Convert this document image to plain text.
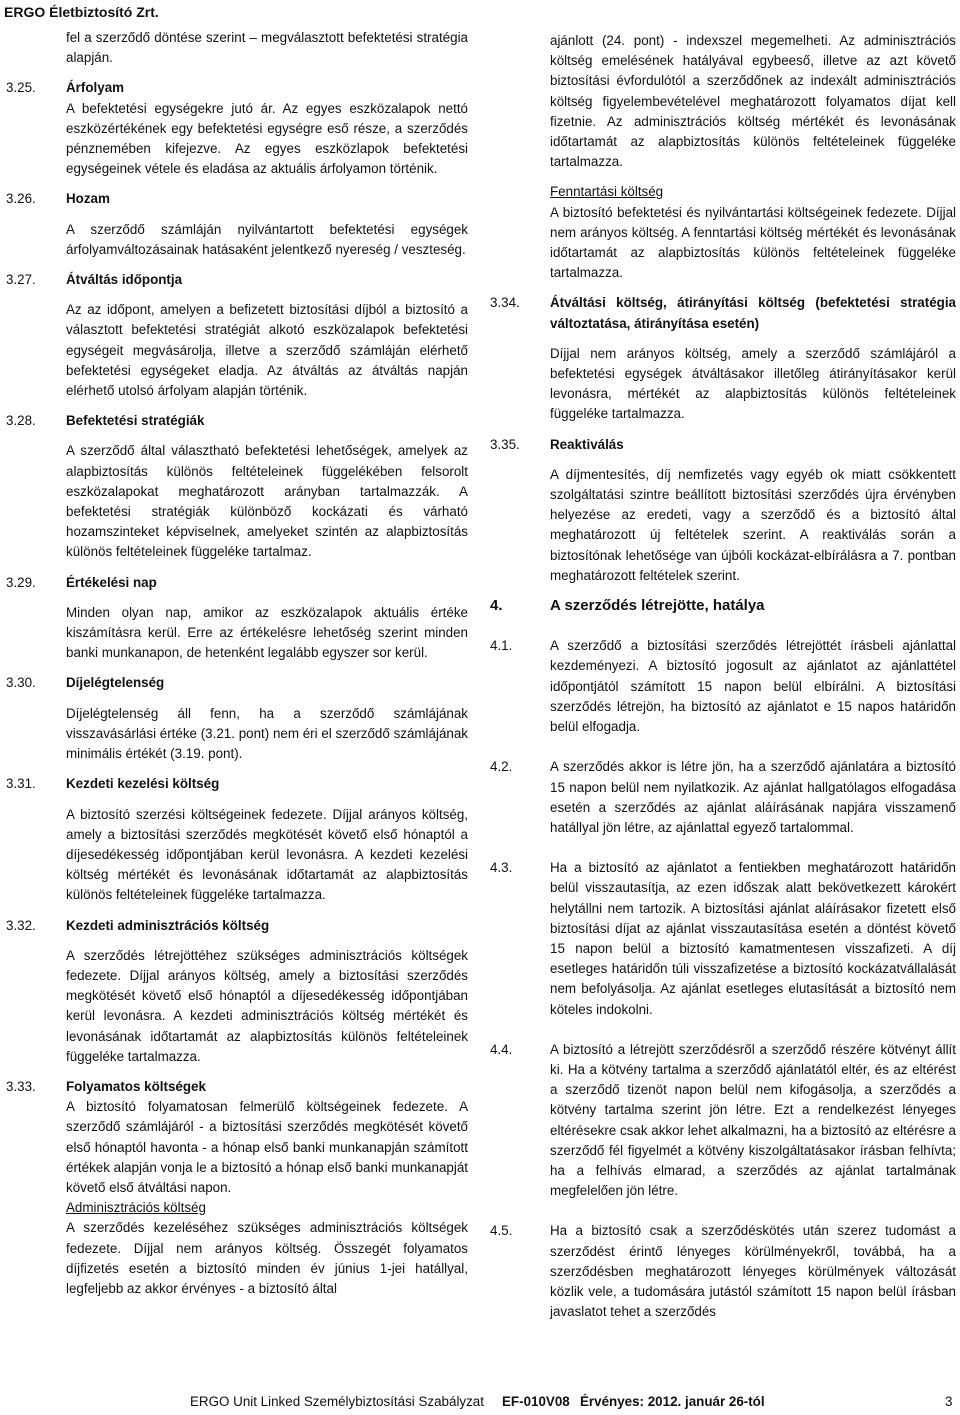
ERGO Életbiztosító Zrt.
fel a szerződő döntése szerint – megválasztott befektetési stratégia alapján.
3.25.	Árfolyam
A befektetési egységekre jutó ár. Az egyes eszközalapok nettó eszközértékének egy befektetési egységre eső része, a szerződés pénznemében kifejezve. Az egyes eszközlapok befektetési egységeinek vétele és eladása az aktuális árfolyamon történik.
3.26.	Hozam
A szerződő számláján nyilvántartott befektetési egységek árfolyamváltozásainak hatásaként jelentkező nyereség / veszteség.
3.27.	Átváltás időpontja
Az az időpont, amelyen a befizetett biztosítási díjból a biztosító a választott befektetési stratégiát alkotó eszközalapok befektetési egységeit megvásárolja, illetve a szerződő számláján elérhető befektetési egységeket eladja. Az átváltás az átváltás napján elérhető utolsó árfolyam alapján történik.
3.28.	Befektetési stratégiák
A szerződő által választható befektetési lehetőségek, amelyek az alapbiztosítás különös feltételeinek függelékében felsorolt eszközalapokat meghatározott arányban tartalmazzák. A befektetési stratégiák különböző kockázati és várható hozamszinteket képviselnek, amelyeket szintén az alapbiztosítás különös feltételeinek függeléke tartalmaz.
3.29.	Értékelési nap
Minden olyan nap, amikor az eszközalapok aktuális értéke kiszámításra kerül. Erre az értékelésre lehetőség szerint minden banki munkanapon, de hetenként legalább egyszer sor kerül.
3.30.	Díjelégtelenség
Díjelégtelenség áll fenn, ha a szerződő számlájának visszavásárlási értéke (3.21. pont) nem éri el szerződő számlájának minimális értékét (3.19. pont).
3.31.	Kezdeti kezelési költség
A biztosító szerzési költségeinek fedezete. Díjjal arányos költség, amely a biztosítási szerződés megkötését követő első hónaptól a díjesedékesség időpontjában kerül levonásra. A kezdeti kezelési költség mértékét és levonásának időtartamát az alapbiztosítás különös feltételeinek függeléke tartalmazza.
3.32.	Kezdeti adminisztrációs költség
A szerződés létrejöttéhez szükséges adminisztrációs költségek fedezete. Díjjal arányos költség, amely a biztosítási szerződés megkötését követő első hónaptól a díjesedékesség időpontjában kerül levonásra. A kezdeti adminisztrációs költség mértékét és levonásának időtartamát az alapbiztosítás különös feltételeinek függeléke tartalmazza.
3.33.	Folyamatos költségek
A biztosító folyamatosan felmerülő költségeinek fedezete. A szerződő számlájáról - a biztosítási szerződés megkötését követő első hónaptól havonta - a hónap első banki munkanapján számított értékek alapján vonja le a biztosító a hónap első banki munkanapját követő első átváltási napon.
Adminisztrációs költség
A szerződés kezeléséhez szükséges adminisztrációs költségek fedezete. Díjjal nem arányos költség. Összegét folyamatos díjfizetés esetén a biztosító minden év június 1-jei hatállyal, legfeljebb az akkor érvényes - a biztosító által
ajánlott (24. pont) - indexszel megemelheti. Az adminisztrációs költség emelésének hatályával egybeeső, illetve az azt követő biztosítási évfordulótól a szerződőnek az indexált adminisztrációs költség figyelembevételével meghatározott folyamatos díjat kell fizetnie. Az adminisztrációs költség mértékét és levonásának időtartamát az alapbiztosítás különös feltételeinek függeléke tartalmazza.
Fenntartási költség
A biztosító befektetési és nyilvántartási költségeinek fedezete. Díjjal nem arányos költség. A fenntartási költség mértékét és levonásának időtartamát az alapbiztosítás különös feltételeinek függeléke tartalmazza.
3.34.	Átváltási költség, átirányítási költség (befektetési stratégia változtatása, átirányítása esetén)
Díjjal nem arányos költség, amely a szerződő számlájáról a befektetési egységek átváltásakor illetőleg átirányításakor kerül levonásra, mértékét az alapbiztosítás különös feltételeinek függeléke tartalmazza.
3.35.	Reaktiválás
A díjmentesítés, díj nemfizetés vagy egyéb ok miatt csökkentett szolgáltatási szintre beállított biztosítási szerződés újra érvényben helyezése az eredeti, vagy a szerződő és a biztosító által meghatározott új feltételek szerint. A reaktiválás során a biztosítónak lehetősége van újbóli kockázat-elbírálásra a 7. pontban meghatározott feltételek szerint.
4.	A szerződés létrejötte, hatálya
4.1.	A szerződő a biztosítási szerződés létrejöttét írásbeli ajánlattal kezdeményezi. A biztosító jogosult az ajánlatot az ajánlattétel időpontjától számított 15 napon belül elbírálni. A biztosítási szerződés létrejön, ha biztosító az ajánlatot e 15 napos határidőn belül elfogadja.
4.2.	A szerződés akkor is létre jön, ha a szerződő ajánlatára a biztosító 15 napon belül nem nyilatkozik. Az ajánlat hallgatólagos elfogadása esetén a szerződés az ajánlat aláírásának napjára visszamenő hatállyal jön létre, az ajánlattal egyező tartalommal.
4.3.	Ha a biztosító az ajánlatot a fentiekben meghatározott határidőn belül visszautasítja, az ezen időszak alatt bekövetkezett károkért helytállni nem tartozik. A biztosítási ajánlat aláírásakor fizetett első biztosítási díjat az ajánlat visszautasítása esetén a döntést követő 15 napon belül a biztosító kamatmentesen visszafizeti. A díj esetleges határidőn túli visszafizetése a biztosító kockázatvállalását nem befolyásolja. Az ajánlat esetleges elutasítását a biztosító nem köteles indokolni.
4.4.	A biztosító a létrejött szerződésről a szerződő részére kötvényt állít ki. Ha a kötvény tartalma a szerződő ajánlatától eltér, és az eltérést a szerződő tizenöt napon belül nem kifogásolja, a szerződés a kötvény tartalma szerint jön létre. Ezt a rendelkezést lényeges eltérésekre csak akkor lehet alkalmazni, ha a biztosító az eltérésre a szerződő fél figyelmét a kötvény kiszolgáltatásakor írásban felhívta; ha a felhívás elmarad, a szerződés az ajánlat tartalmának megfelelően jön létre.
4.5.	Ha a biztosító csak a szerződéskötés után szerez tudomást a szerződést érintő lényeges körülményekről, továbbá, ha a szerződésben meghatározott lényeges körülmények változását közlik vele, a tudomására jutástól számított 15 napon belül írásban javaslatot tehet a szerződés
ERGO Unit Linked Személybiztosítási Szabályzat EF-010V08 Érvényes: 2012. január 26-tól	3
